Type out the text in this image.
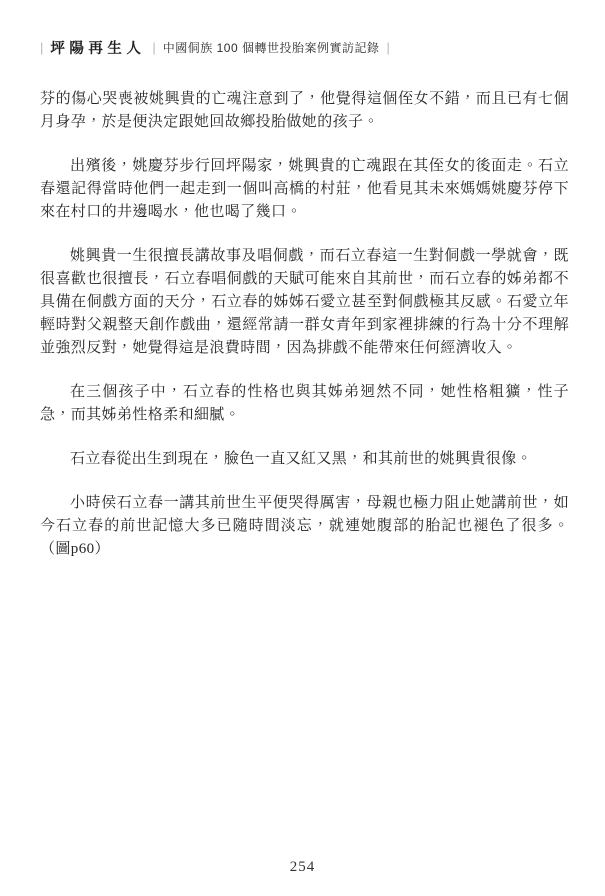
| 坪陽再生人 | 中國侗族 100 個轉世投胎案例實訪記錄 |

芬的傷心哭喪被姚興貴的亡魂注意到了，他覺得這個侄女不錯，而且已有七個月身孕，於是便決定跟她回故鄉投胎做她的孩子。

出殯後，姚慶芬步行回坪陽家，姚興貴的亡魂跟在其侄女的後面走。石立春還記得當時他們一起走到一個叫高橋的村莊，他看見其未來媽媽姚慶芬停下來在村口的井邊喝水，他也喝了幾口。

姚興貴一生很擅長講故事及唱侗戲，而石立春這一生對侗戲一學就會，既很喜歡也很擅長，石立春唱侗戲的天賦可能來自其前世，而石立春的姊弟都不具備在侗戲方面的天分，石立春的姊姊石愛立甚至對侗戲極其反感。石愛立年輕時對父親整天創作戲曲，還經常請一群女青年到家裡排練的行為十分不理解並強烈反對，她覺得這是浪費時間，因為排戲不能帶來任何經濟收入。

在三個孩子中，石立春的性格也與其姊弟迥然不同，她性格粗獷，性子急，而其姊弟性格柔和細膩。

石立春從出生到現在，臉色一直又紅又黑，和其前世的姚興貴很像。

小時侯石立春一講其前世生平便哭得厲害，母親也極力阻止她講前世，如今石立春的前世記憶大多已隨時間淡忘，就連她腹部的胎記也褪色了很多。（圖p60）

254
